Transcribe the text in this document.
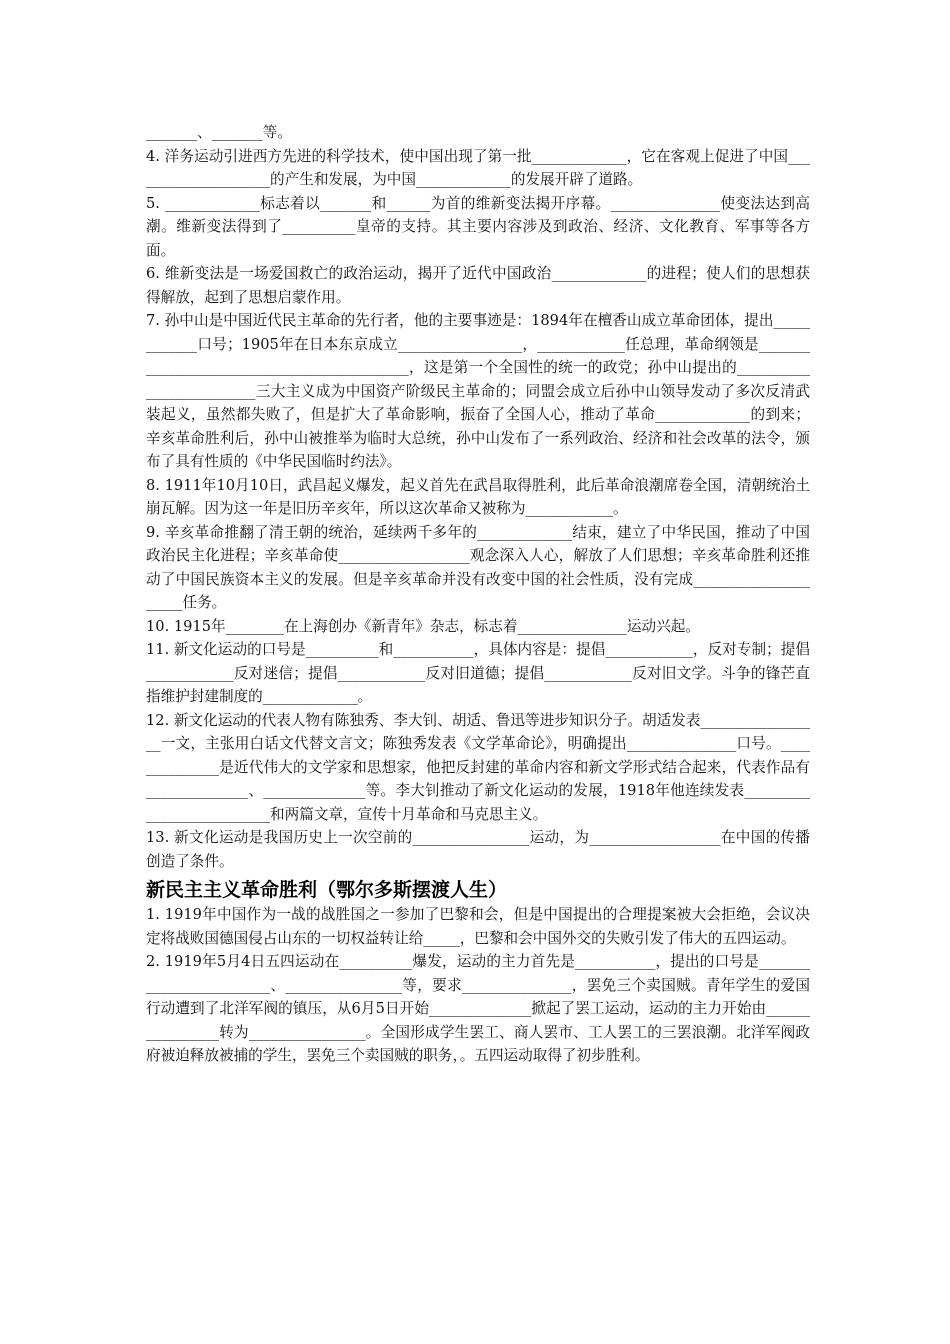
_______、_______等。

4. 洋务运动引进西方先进的科学技术，使中国出现了第一批_____________，它在客观上促进了中国____________________的产生和发展，为中国_____________的发展开辟了道路。

5. _____________标志着以_______和______为首的维新变法揭开序幕。_______________使变法达到高潮。维新变法得到了__________皇帝的支持。其主要内容涉及到政治、经济、文化教育、军事等各方面。

6. 维新变法是一场爱国救亡的政治运动，揭开了近代中国政治_____________的进程；使人们的思想获得解放，起到了思想启蒙作用。

7. 孙中山是中国近代民主革命的先行者，他的主要事迹是：1894年在檀香山成立革命团体，提出____________口号；1905年在日本东京成立_________________，____________任总理，革命纲领是___________________________________________，这是第一个全国性的统一的政党；孙中山提出的_________________________三大主义成为中国资产阶级民主革命的；同盟会成立后孙中山领导发动了多次反清武装起义，虽然都失败了，但是扩大了革命影响，振奋了全国人心，推动了革命_____________的到来；辛亥革命胜利后，孙中山被推举为临时大总统，孙中山发布了一系列政治、经济和社会改革的法令，颁布了具有性质的《中华民国临时约法》。

8. 1911年10月10日，武昌起义爆发，起义首先在武昌取得胜利，此后革命浪潮席卷全国，清朝统治土崩瓦解。因为这一年是旧历辛亥年，所以这次革命又被称为____________。

9. 辛亥革命推翻了清王朝的统治，延续两千多年的_____________结束，建立了中华民国，推动了中国政治民主化进程；辛亥革命使__________________观念深入人心，解放了人们思想；辛亥革命胜利还推动了中国民族资本主义的发展。但是辛亥革命并没有改变中国的社会性质，没有完成_____________________任务。

10. 1915年________在上海创办《新青年》杂志，标志着_______________运动兴起。

11. 新文化运动的口号是__________和___________，具体内容是：提倡____________，反对专制；提倡____________反对迷信；提倡____________反对旧道德；提倡____________反对旧文学。斗争的锋芒直指维护封建制度的_____________。

12. 新文化运动的代表人物有陈独秀、李大钊、胡适、鲁迅等进步知识分子。胡适发表_________________一文，主张用白话文代替文言文；陈独秀发表《文学革命论》，明确提出_______________口号。______________是近代伟大的文学家和思想家，他把反封建的革命内容和新文学形式结合起来，代表作品有______________、______________等。李大钊推动了新文化运动的发展，1918年他连续发表__________________________和两篇文章，宣传十月革命和马克思主义。

13. 新文化运动是我国历史上一次空前的________________运动，为__________________在中国的传播创造了条件。

新民主主义革命胜利（鄂尔多斯摆渡人生）

1. 1919年中国作为一战的战胜国之一参加了巴黎和会，但是中国提出的合理提案被大会拒绝，会议决定将战败国德国侵占山东的一切权益转让给_____，巴黎和会中国外交的失败引发了伟大的五四运动。

2. 1919年5月4日五四运动在__________爆发，运动的主力首先是___________，提出的口号是________________________、________________等，要求_______________，罢免三个卖国贼。青年学生的爱国行动遭到了北洋军阀的镇压，从6月5日开始______________掀起了罢工运动，运动的主力开始由________________转为________________。全国形成学生罢工、商人罢市、工人罢工的三罢浪潮。北洋军阀政府被迫释放被捕的学生，罢免三个卖国贼的职务，。五四运动取得了初步胜利。
